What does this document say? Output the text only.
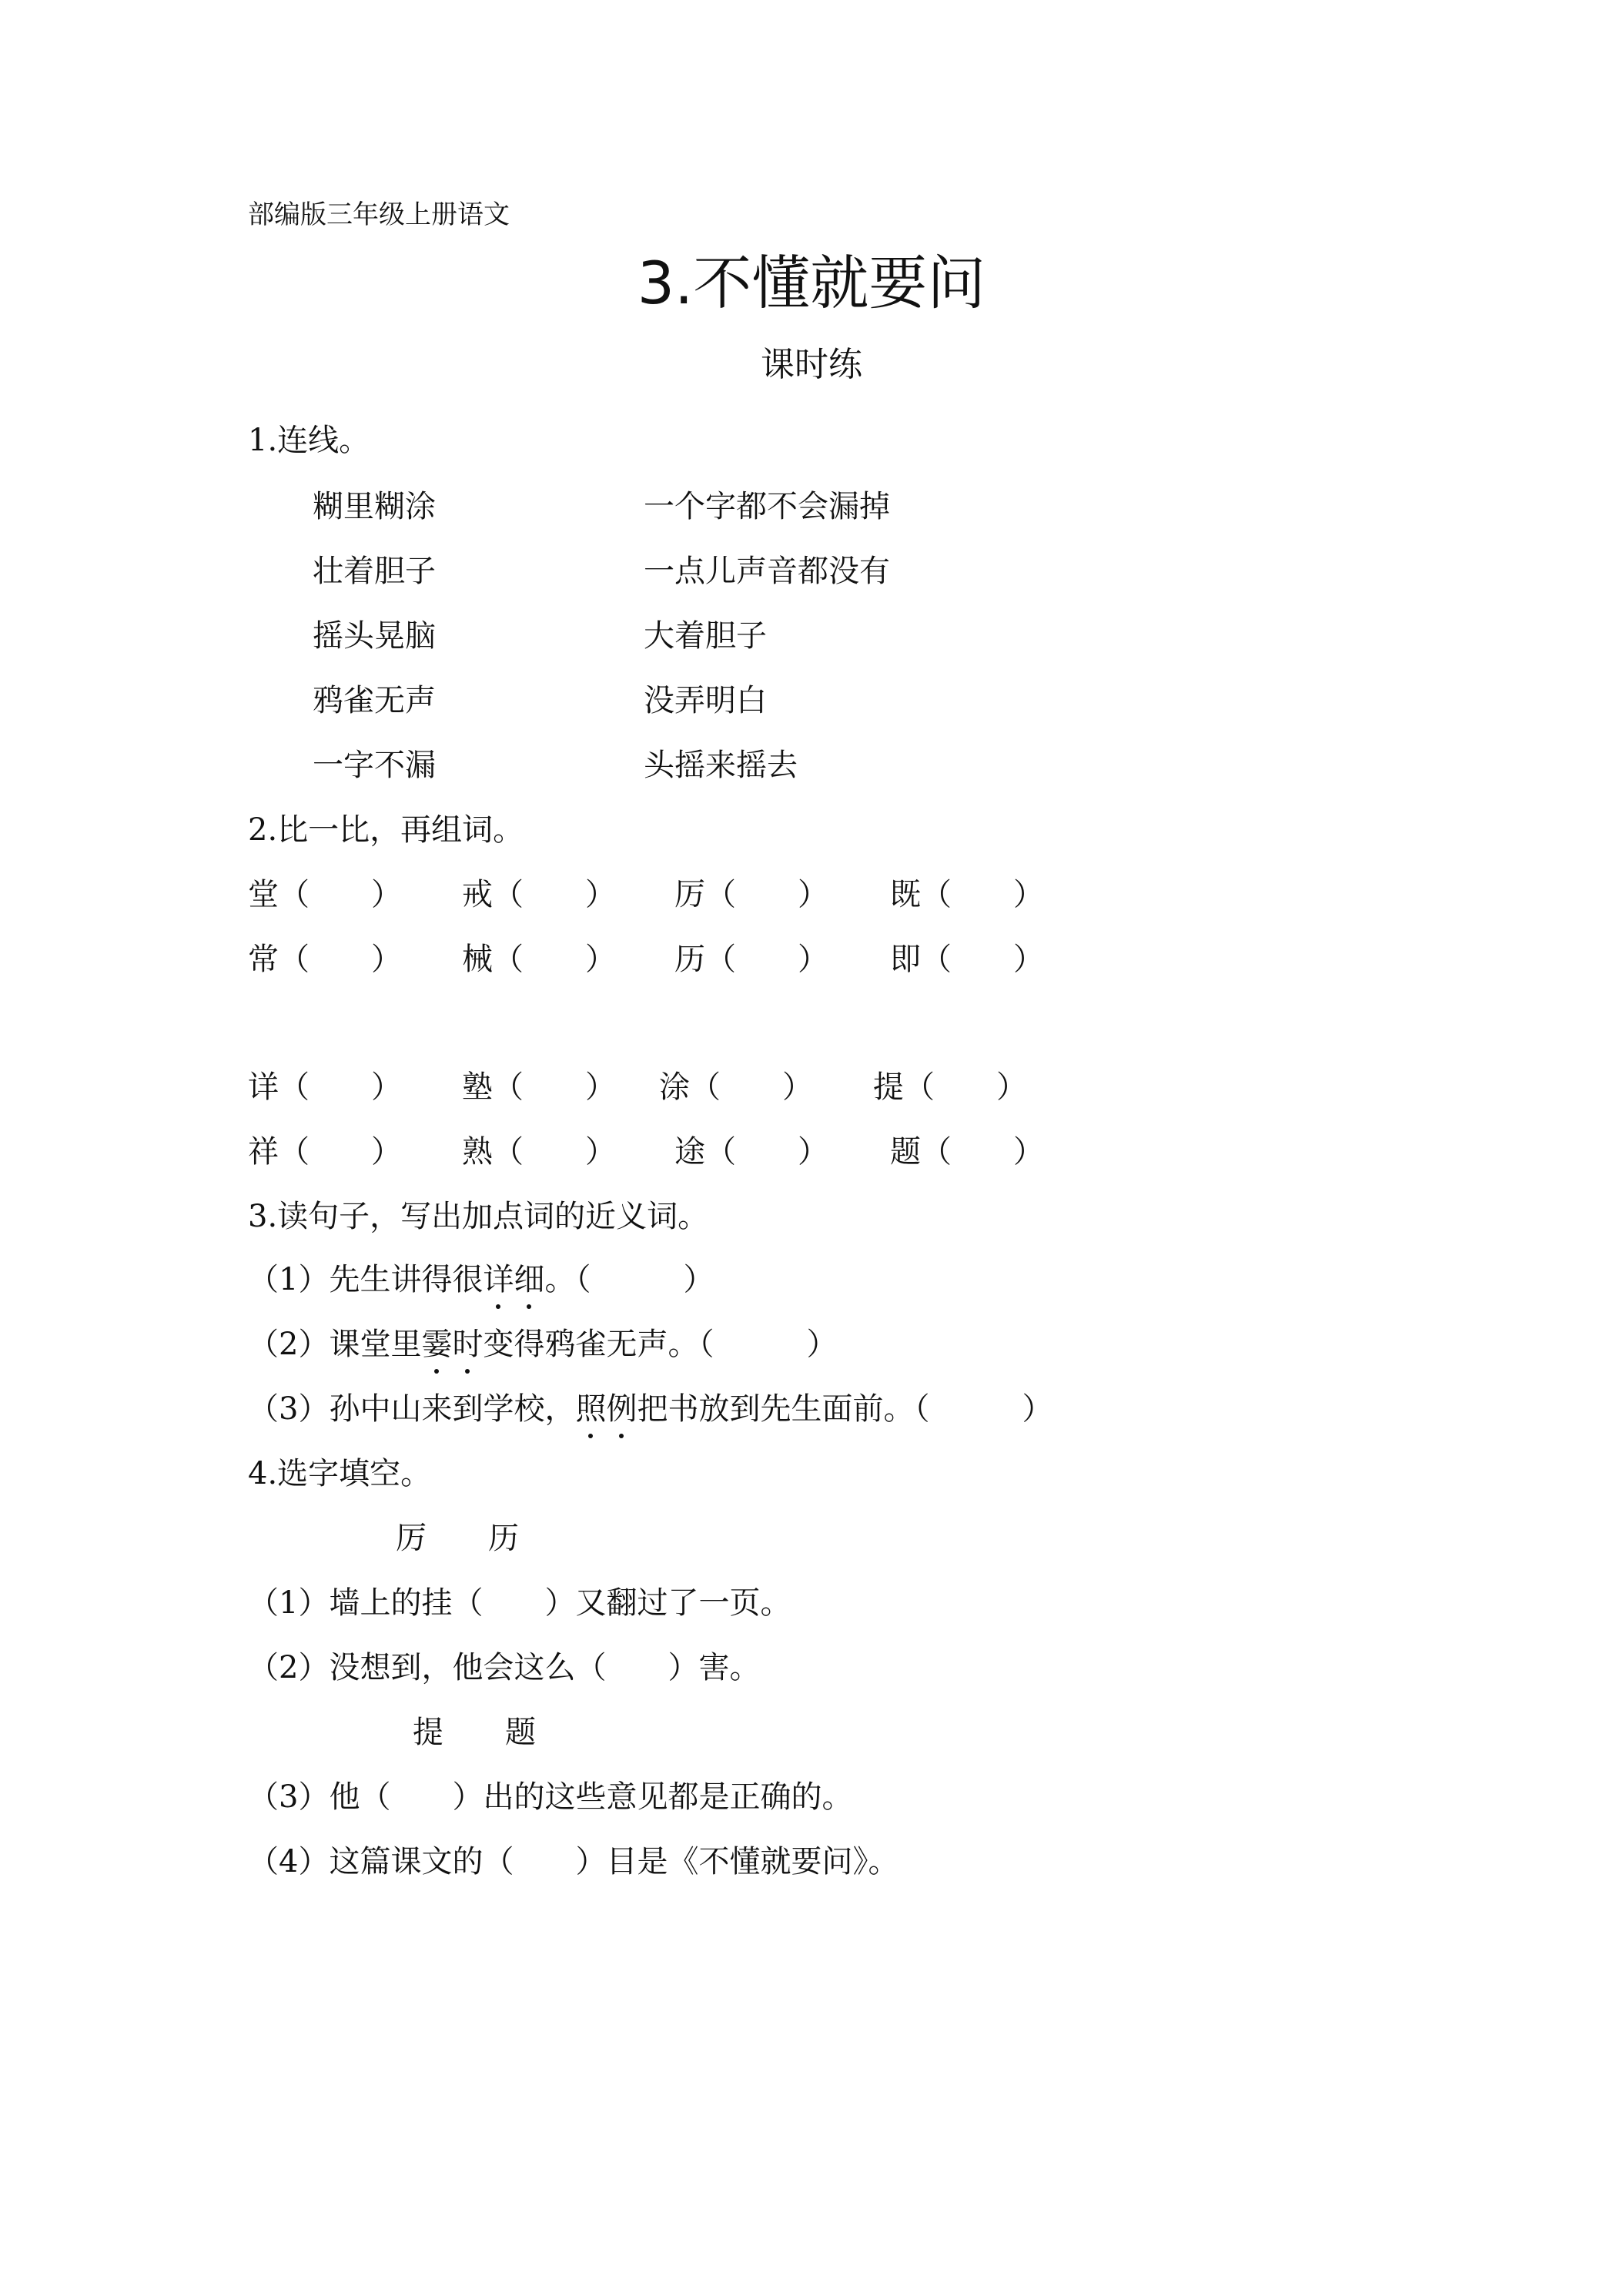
部编版三年级上册语文
3.不懂就要问
课时练
1.连线。
糊里糊涂
壮着胆子
摇头晃脑
鸦雀无声
一字不漏
一个字都不会漏掉
一点儿声音都没有
大着胆子
没弄明白
头摇来摇去
2.比一比，再组词。
堂（　　） 戒（　　） 厉（　　） 既（　　）
常（　　） 械（　　） 历（　　） 即（　　）
详（　　） 塾（　　） 涂（　　） 提（　　）
祥（　　） 熟（　　） 途（　　） 题（　　）
3.读句子，写出加点词的近义词。
（1）先生讲得很详细。（　　　）
（2）课堂里霎时变得鸦雀无声。（　　　）
（3）孙中山来到学校，照例把书放到先生面前。（　　　）
4.选字填空。
厉　　历
（1）墙上的挂（　　）又翻过了一页。
（2）没想到，他会这么（　　）害。
提　　题
（3）他（　　）出的这些意见都是正确的。
（4）这篇课文的（　　）目是《不懂就要问》。
